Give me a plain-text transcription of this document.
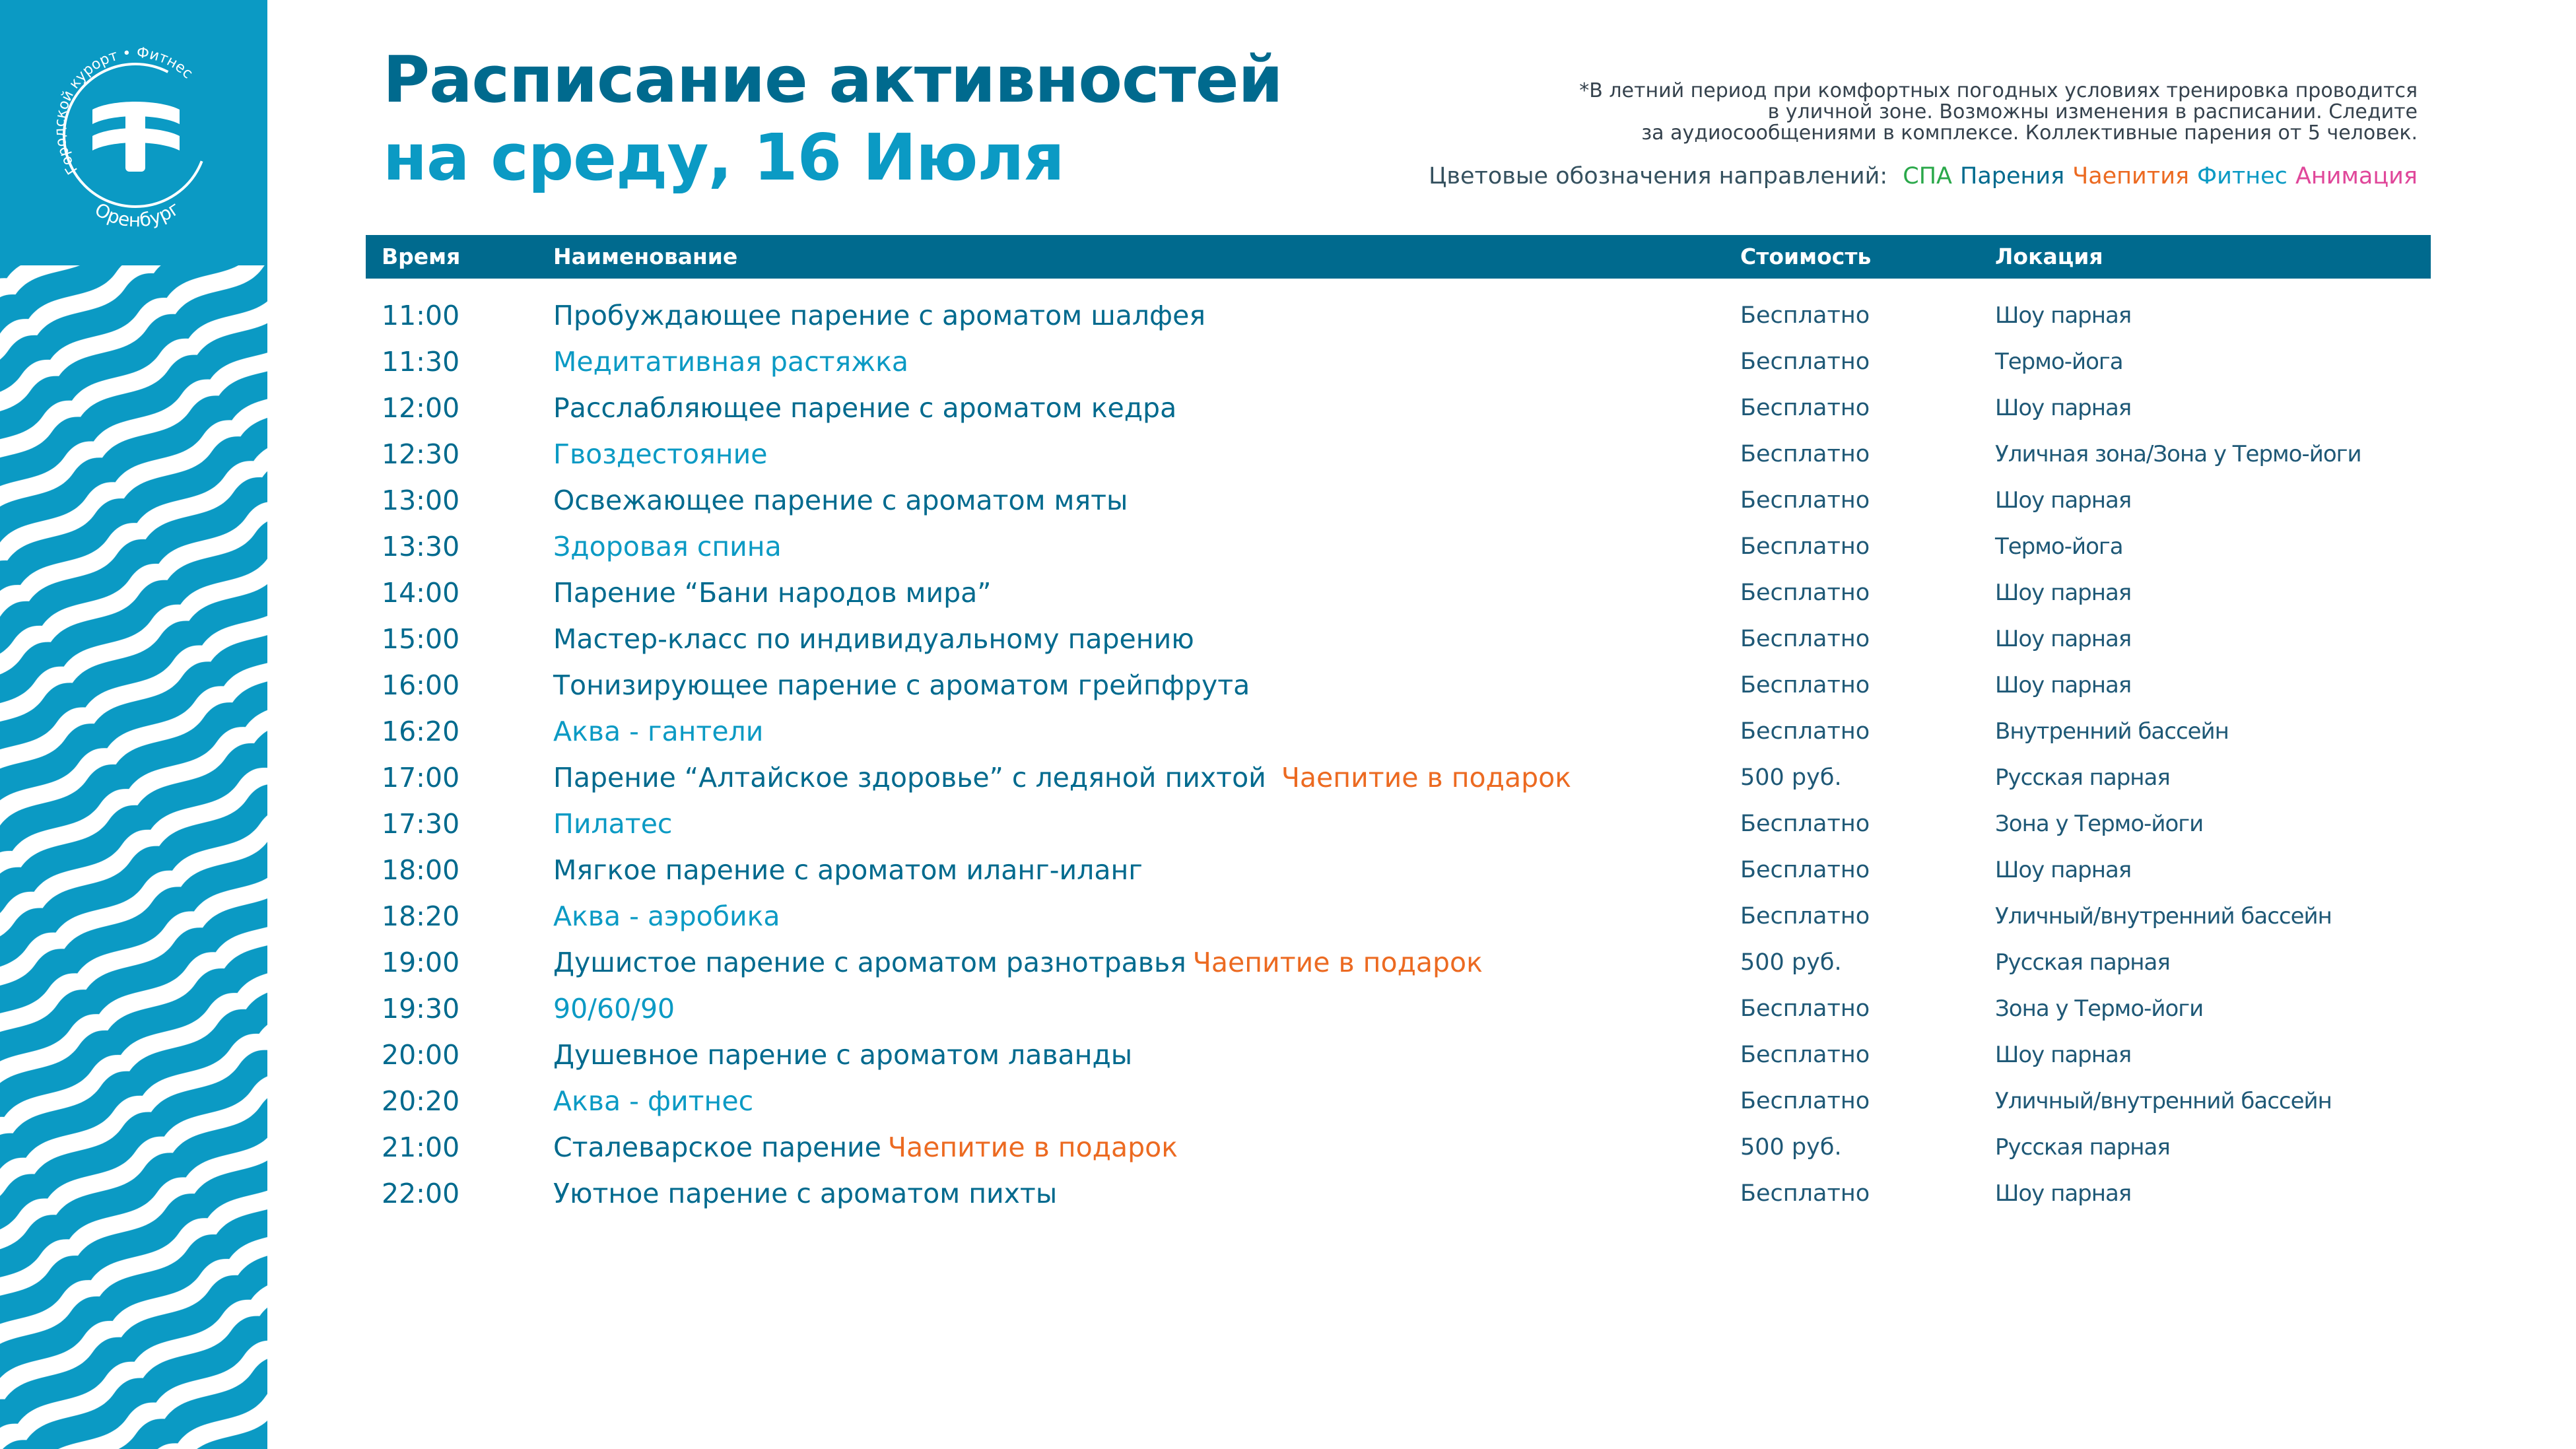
Городской курорт • Фитнес
Оренбург
Расписание активностей
на среду, 16 Июля
*В летний период при комфортных погодных условиях тренировка проводится
в уличной зоне. Возможны изменения в расписании. Следите
за аудиосообщениями в комплексе. Коллективные парения от 5 человек.
Цветовые обозначения направлений: СПА Парения Чаепития Фитнес Анимация
Время	Наименование	Стоимость	Локация
11:00	Пробуждающее парение с ароматом шалфея	Бесплатно	Шоу парная
11:30	Медитативная растяжка	Бесплатно	Термо-йога
12:00	Расслабляющее парение с ароматом кедра	Бесплатно	Шоу парная
12:30	Гвоздестояние	Бесплатно	Уличная зона/Зона у Термо-йоги
13:00	Освежающее парение с ароматом мяты	Бесплатно	Шоу парная
13:30	Здоровая спина	Бесплатно	Термо-йога
14:00	Парение “Бани народов мира”	Бесплатно	Шоу парная
15:00	Мастер-класс по индивидуальному парению	Бесплатно	Шоу парная
16:00	Тонизирующее парение с ароматом грейпфрута	Бесплатно	Шоу парная
16:20	Аква - гантели	Бесплатно	Внутренний бассейн
17:00	Парение “Алтайское здоровье” с ледяной пихтой Чаепитие в подарок	500 руб.	Русская парная
17:30	Пилатес	Бесплатно	Зона у Термо-йоги
18:00	Мягкое парение с ароматом иланг-иланг	Бесплатно	Шоу парная
18:20	Аква - аэробика	Бесплатно	Уличный/внутренний бассейн
19:00	Душистое парение с ароматом разнотравья Чаепитие в подарок	500 руб.	Русская парная
19:30	90/60/90	Бесплатно	Зона у Термо-йоги
20:00	Душевное парение с ароматом лаванды	Бесплатно	Шоу парная
20:20	Аква - фитнес	Бесплатно	Уличный/внутренний бассейн
21:00	Сталеварское парение Чаепитие в подарок	500 руб.	Русская парная
22:00	Уютное парение с ароматом пихты	Бесплатно	Шоу парная
